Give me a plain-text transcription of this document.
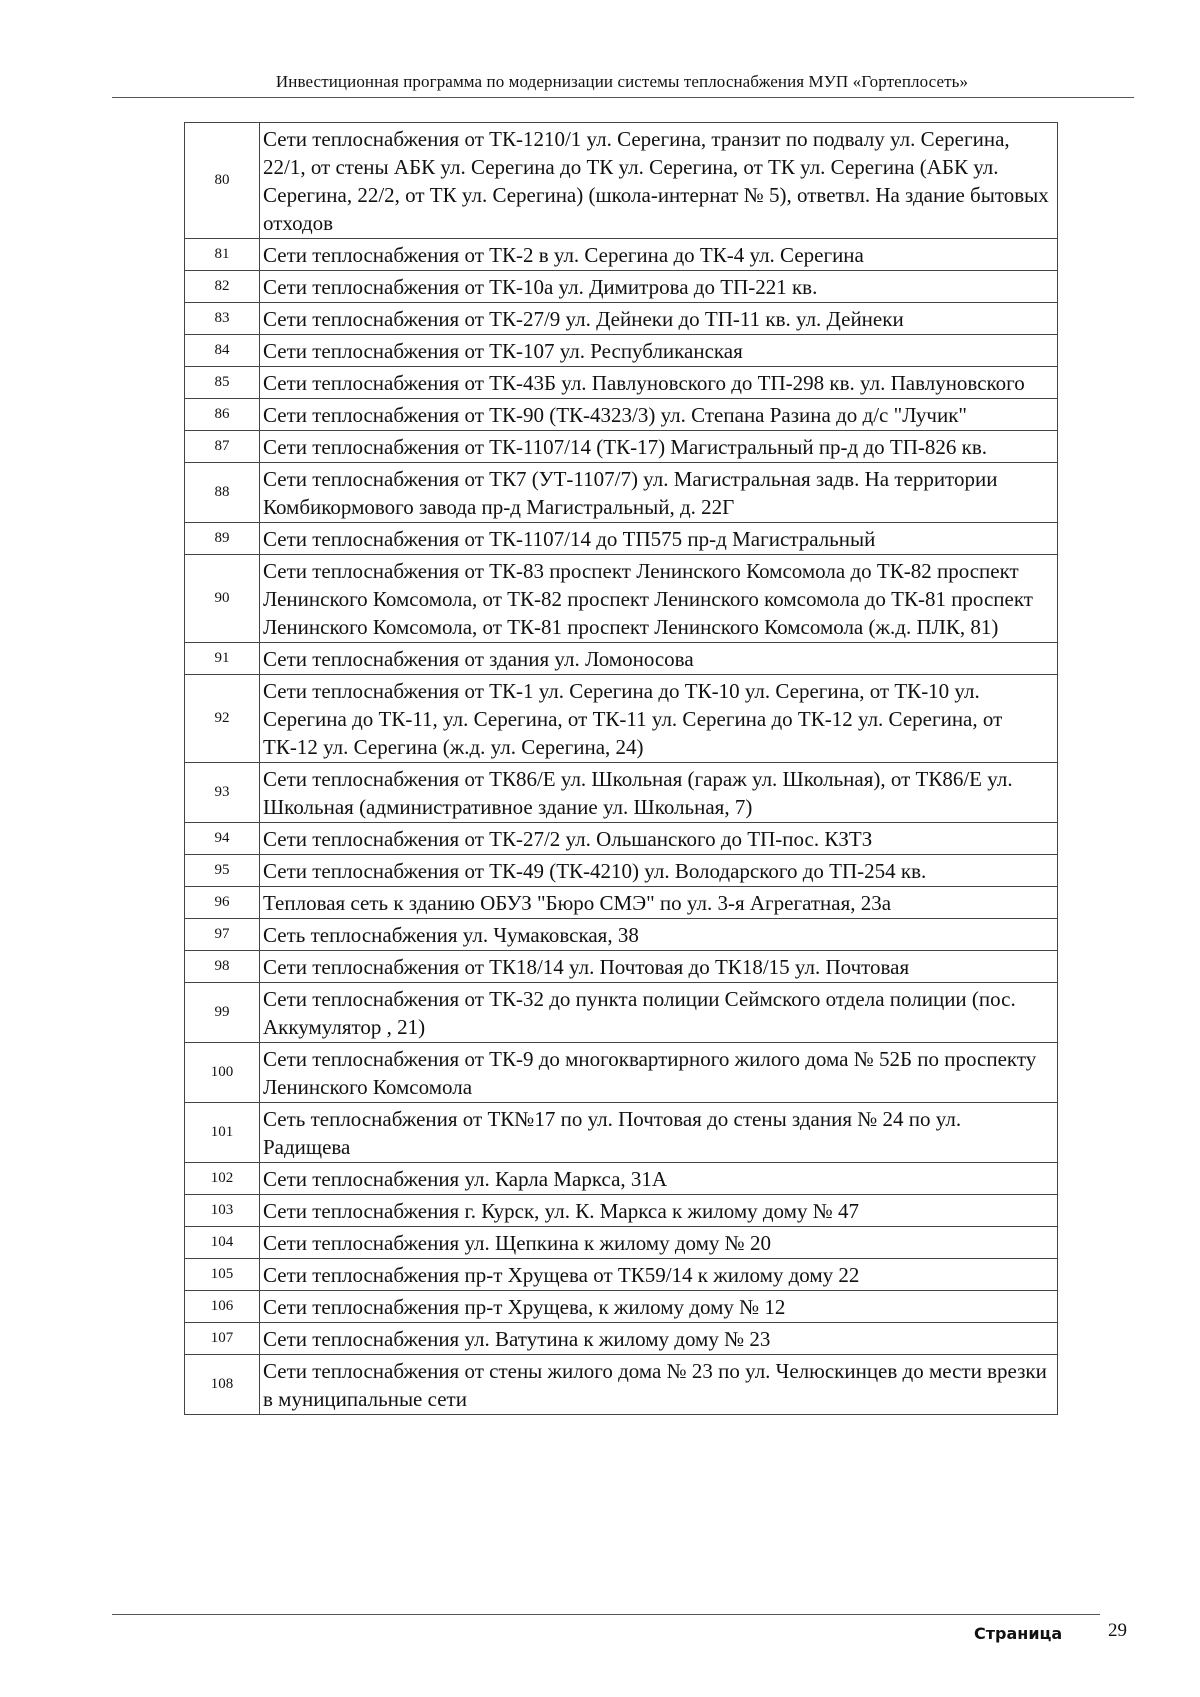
Инвестиционная программа по модернизации системы теплоснабжения МУП «Гортеплосеть»
80	Сети теплоснабжения от ТК-1210/1 ул. Серегина, транзит по подвалу ул. Серегина, 22/1, от стены АБК ул. Серегина до ТК ул. Серегина, от ТК ул. Серегина (АБК ул. Серегина, 22/2, от ТК ул. Серегина) (школа-интернат № 5), ответвл. На здание бытовых отходов
81	Сети теплоснабжения от ТК-2 в ул. Серегина до ТК-4 ул. Серегина
82	Сети теплоснабжения от ТК-10а ул. Димитрова до ТП-221 кв.
83	Сети теплоснабжения от ТК-27/9 ул. Дейнеки до ТП-11 кв. ул. Дейнеки
84	Сети теплоснабжения от ТК-107 ул. Республиканская
85	Сети теплоснабжения от ТК-43Б ул. Павлуновского до ТП-298 кв. ул. Павлуновского
86	Сети теплоснабжения от ТК-90 (ТК-4323/3) ул. Степана Разина до д/с "Лучик"
87	Сети теплоснабжения от ТК-1107/14 (ТК-17) Магистральный пр-д до ТП-826 кв.
88	Сети теплоснабжения от ТК7 (УТ-1107/7) ул. Магистральная задв. На территории Комбикормового завода пр-д Магистральный, д. 22Г
89	Сети теплоснабжения от ТК-1107/14 до ТП575 пр-д Магистральный
90	Сети теплоснабжения от ТК-83 проспект Ленинского Комсомола до ТК-82 проспект Ленинского Комсомола, от ТК-82 проспект Ленинского комсомола до ТК-81 проспект Ленинского Комсомола, от ТК-81 проспект Ленинского Комсомола (ж.д. ПЛК, 81)
91	Сети теплоснабжения от здания ул. Ломоносова
92	Сети теплоснабжения от ТК-1 ул. Серегина до ТК-10 ул. Серегина, от ТК-10 ул. Серегина до ТК-11, ул. Серегина, от ТК-11 ул. Серегина до ТК-12 ул. Серегина, от ТК-12 ул. Серегина (ж.д. ул. Серегина, 24)
93	Сети теплоснабжения от ТК86/Е ул. Школьная (гараж ул. Школьная), от ТК86/Е ул. Школьная (административное здание ул. Школьная, 7)
94	Сети теплоснабжения от ТК-27/2 ул. Ольшанского до ТП-пос. КЗТЗ
95	Сети теплоснабжения от ТК-49 (ТК-4210) ул. Володарского до ТП-254 кв.
96	Тепловая сеть к зданию ОБУЗ "Бюро СМЭ" по ул. 3-я Агрегатная, 23а
97	Сеть теплоснабжения ул. Чумаковская, 38
98	Сети теплоснабжения от ТК18/14 ул. Почтовая до ТК18/15 ул. Почтовая
99	Сети теплоснабжения от ТК-32 до пункта полиции Сеймского отдела полиции (пос. Аккумулятор , 21)
100	Сети теплоснабжения от ТК-9 до многоквартирного жилого дома № 52Б по проспекту Ленинского Комсомола
101	Сеть теплоснабжения от ТК№17 по ул. Почтовая до стены здания № 24 по ул. Радищева
102	Сети теплоснабжения ул. Карла Маркса, 31А
103	Сети теплоснабжения г. Курск, ул. К. Маркса к жилому дому № 47
104	Сети теплоснабжения ул. Щепкина к жилому дому № 20
105	Сети теплоснабжения пр-т Хрущева от ТК59/14 к жилому дому 22
106	Сети теплоснабжения пр-т Хрущева, к жилому дому № 12
107	Сети теплоснабжения ул. Ватутина к жилому дому № 23
108	Сети теплоснабжения от стены жилого дома № 23 по ул. Челюскинцев до мести врезки в муниципальные сети
Страница 29
